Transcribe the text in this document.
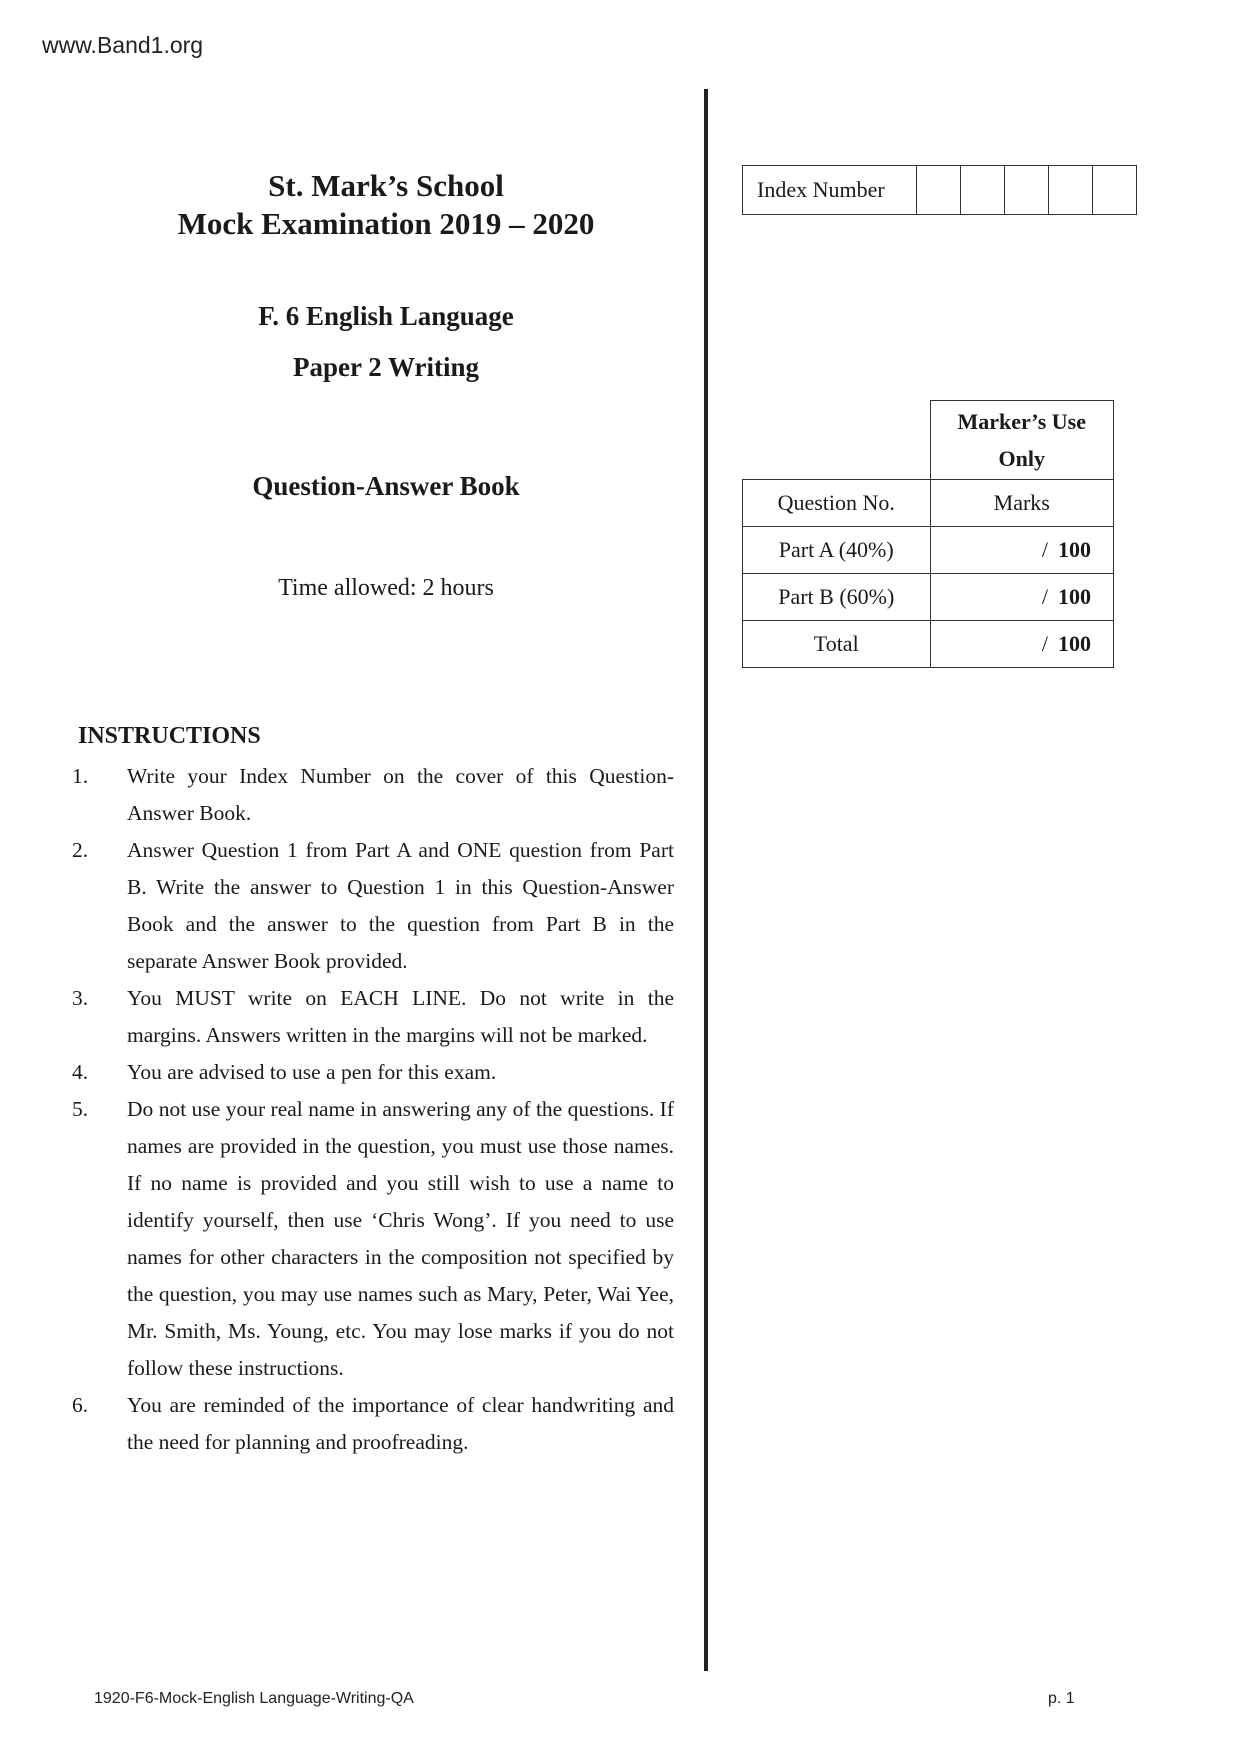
www.Band1.org
St. Mark’s School
Mock Examination 2019 – 2020
F. 6 English Language
Paper 2 Writing
Question-Answer Book
Time allowed: 2 hours
INSTRUCTIONS
1.	Write your Index Number on the cover of this Question-Answer Book.
2.	Answer Question 1 from Part A and ONE question from Part B. Write the answer to Question 1 in this Question-Answer Book and the answer to the question from Part B in the separate Answer Book provided.
3.	You MUST write on EACH LINE. Do not write in the margins. Answers written in the margins will not be marked.
4.	You are advised to use a pen for this exam.
5.	Do not use your real name in answering any of the questions. If names are provided in the question, you must use those names. If no name is provided and you still wish to use a name to identify yourself, then use ‘Chris Wong’. If you need to use names for other characters in the composition not specified by the question, you may use names such as Mary, Peter, Wai Yee, Mr. Smith, Ms. Young, etc. You may lose marks if you do not follow these instructions.
6.	You are reminded of the importance of clear handwriting and the need for planning and proofreading.
Index Number					
	Marker’s Use
Only
Question No.	Marks
Part A (40%)	/ 100
Part B (60%)	/ 100
Total	/ 100
1920-F6-Mock-English Language-Writing-QA	p. 1
